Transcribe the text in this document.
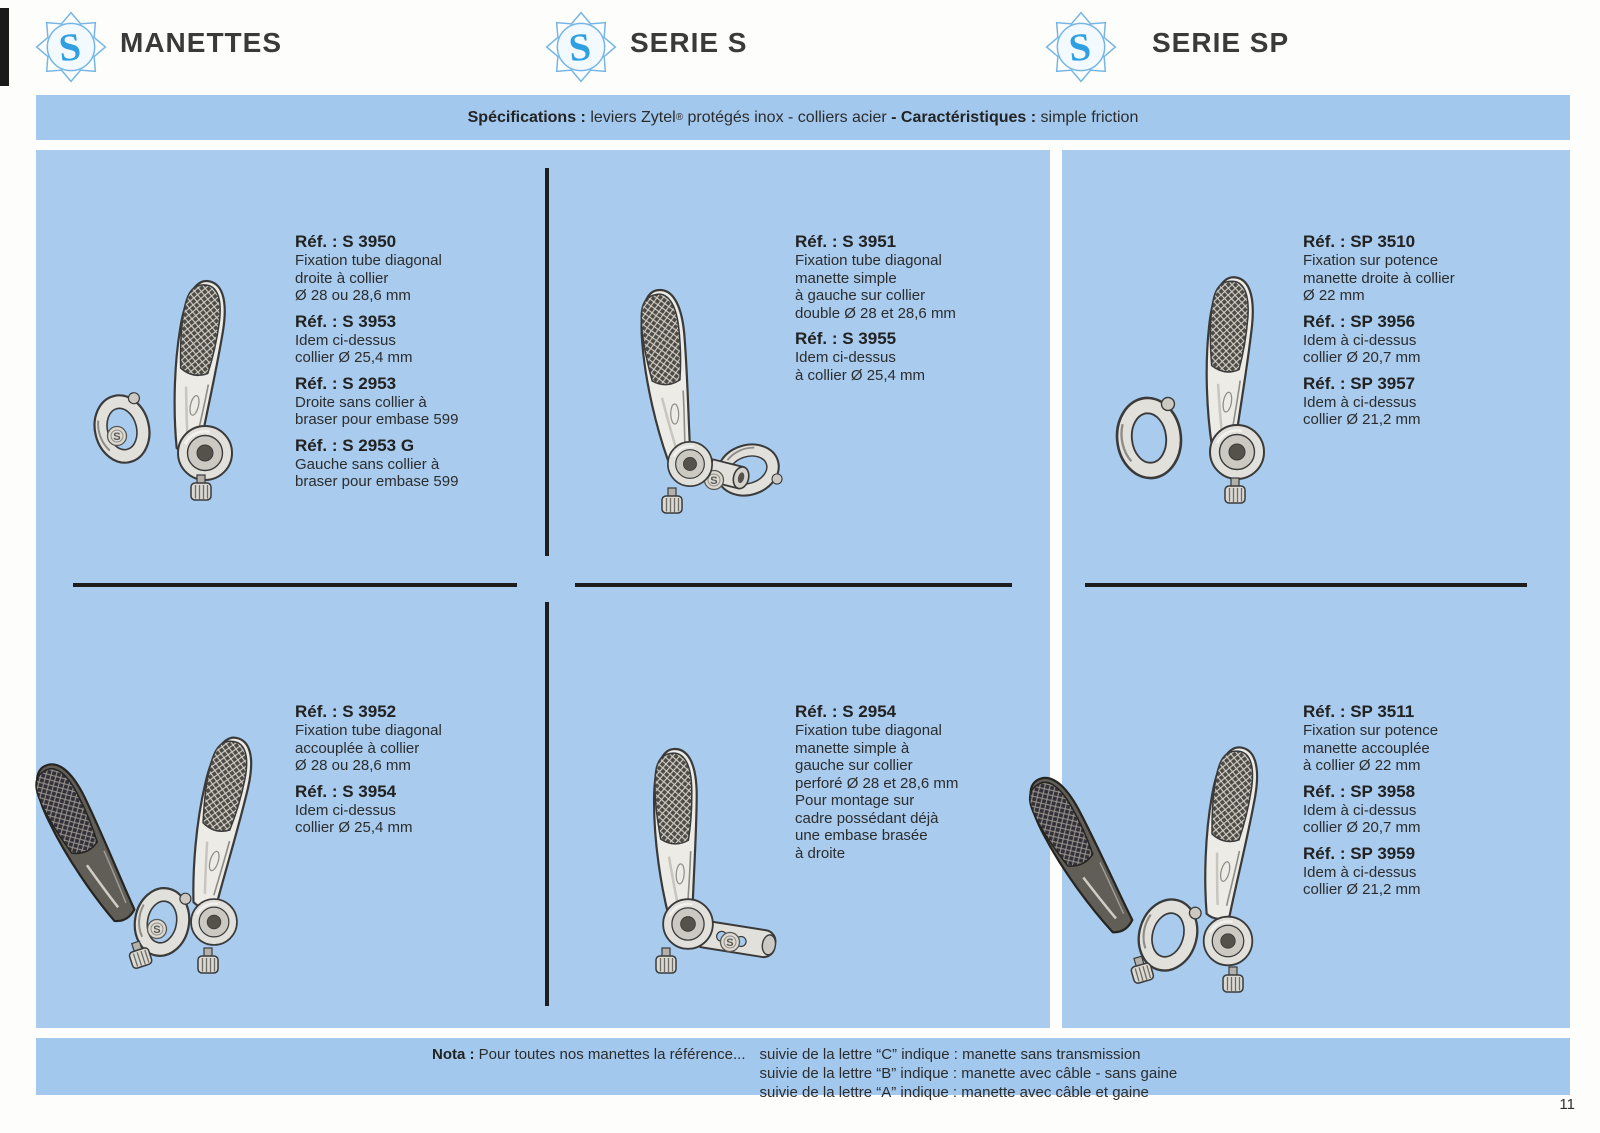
S MANETTES	S SERIE S	S SERIE SP
Spécifications : leviers Zytel ® protégés inox - colliers acier - Caractéristiques : simple friction
Réf. : S 3950
Fixation tube diagonal
droite à collier
Ø 28 ou 28,6 mm
Réf. : S 3953
Idem ci-dessus
collier Ø 25,4 mm
Réf. : S 2953
Droite sans collier à
braser pour embase 599
Réf. : S 2953 G
Gauche sans collier à
braser pour embase 599
Réf. : S 3951
Fixation tube diagonal
manette simple
à gauche sur collier
double Ø 28 et 28,6 mm
Réf. : S 3955
Idem ci-dessus
à collier Ø 25,4 mm
Réf. : SP 3510
Fixation sur potence
manette droite à collier
Ø 22 mm
Réf. : SP 3956
Idem à ci-dessus
collier Ø 20,7 mm
Réf. : SP 3957
Idem à ci-dessus
collier Ø 21,2 mm
Réf. : S 3952
Fixation tube diagonal
accouplée à collier
Ø 28 ou 28,6 mm
Réf. : S 3954
Idem ci-dessus
collier Ø 25,4 mm
Réf. : S 2954
Fixation tube diagonal
manette simple à
gauche sur collier
perforé Ø 28 et 28,6 mm
Pour montage sur
cadre possédant déjà
une embase brasée
à droite
Réf. : SP 3511
Fixation sur potence
manette accouplée
à collier Ø 22 mm
Réf. : SP 3958
Idem à ci-dessus
collier Ø 20,7 mm
Réf. : SP 3959
Idem à ci-dessus
collier Ø 21,2 mm
Nota : Pour toutes nos manettes la référence... suivie de la lettre “C” indique : manette sans transmission
suivie de la lettre “B” indique : manette avec câble - sans gaine
suivie de la lettre “A” indique : manette avec câble et gaine
11
